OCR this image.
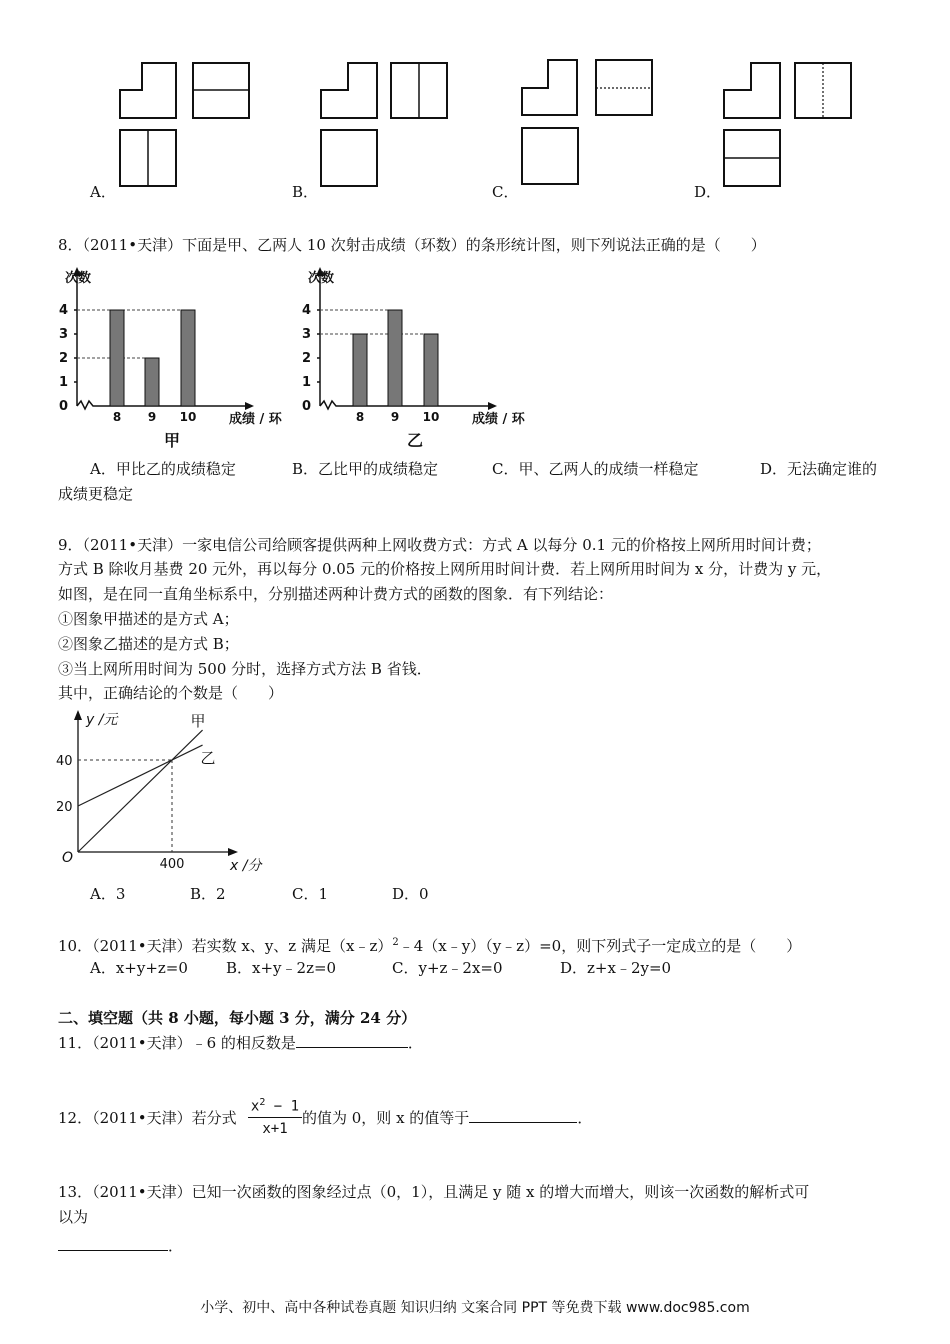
A．	B．	C．	D．
8．（2011•天津）下面是甲、乙两人 10 次射击成绩（环数）的条形统计图，则下列说法正确的是（　　）
次数
0
1
2
3
4
8 9 10	成绩 / 环
甲
次数
0
1
2
3
4
8 9 10	成绩 / 环
乙
A．甲比乙的成绩稳定	B．乙比甲的成绩稳定	C．甲、乙两人的成绩一样稳定	D．无法确定谁的
成绩更稳定
9．（2011•天津）一家电信公司给顾客提供两种上网收费方式：方式 A 以每分 0.1 元的价格按上网所用时间计费；
方式 B 除收月基费 20 元外，再以每分 0.05 元的价格按上网所用时间计费．若上网所用时间为 x 分，计费为 y 元，
如图，是在同一直角坐标系中，分别描述两种计费方式的函数的图象．有下列结论：
①图象甲描述的是方式 A；
②图象乙描述的是方式 B；
③当上网所用时间为 500 分时，选择方式方法 B 省钱．
其中，正确结论的个数是（　　）
y /元
x /分
O
20
40
400
甲
乙
A．3	B．2	C．1	D．0
10．（2011•天津）若实数 x、y、z 满足（x﹣z）$^2$﹣4（x﹣y）（y﹣z）=0，则下列式子一定成立的是（　　）
A．x+y+z=0	B．x+y﹣2z=0	C．y+z﹣2x=0	D．z+x﹣2y=0
二、填空题（共 8 小题，每小题 3 分，满分 24 分）
11．（2011•天津）﹣6 的相反数是	．
12．（2011•天津）若分式 $\frac{x^2 - 1}{x+1}$ 的值为 0，则 x 的值等于	．
13．（2011•天津）已知一次函数的图象经过点（0，1），且满足 y 随 x 的增大而增大，则该一次函数的解析式可
以为
．
小学、初中、高中各种试卷真题 知识归纳 文案合同 PPT 等免费下载 www.doc985.com
